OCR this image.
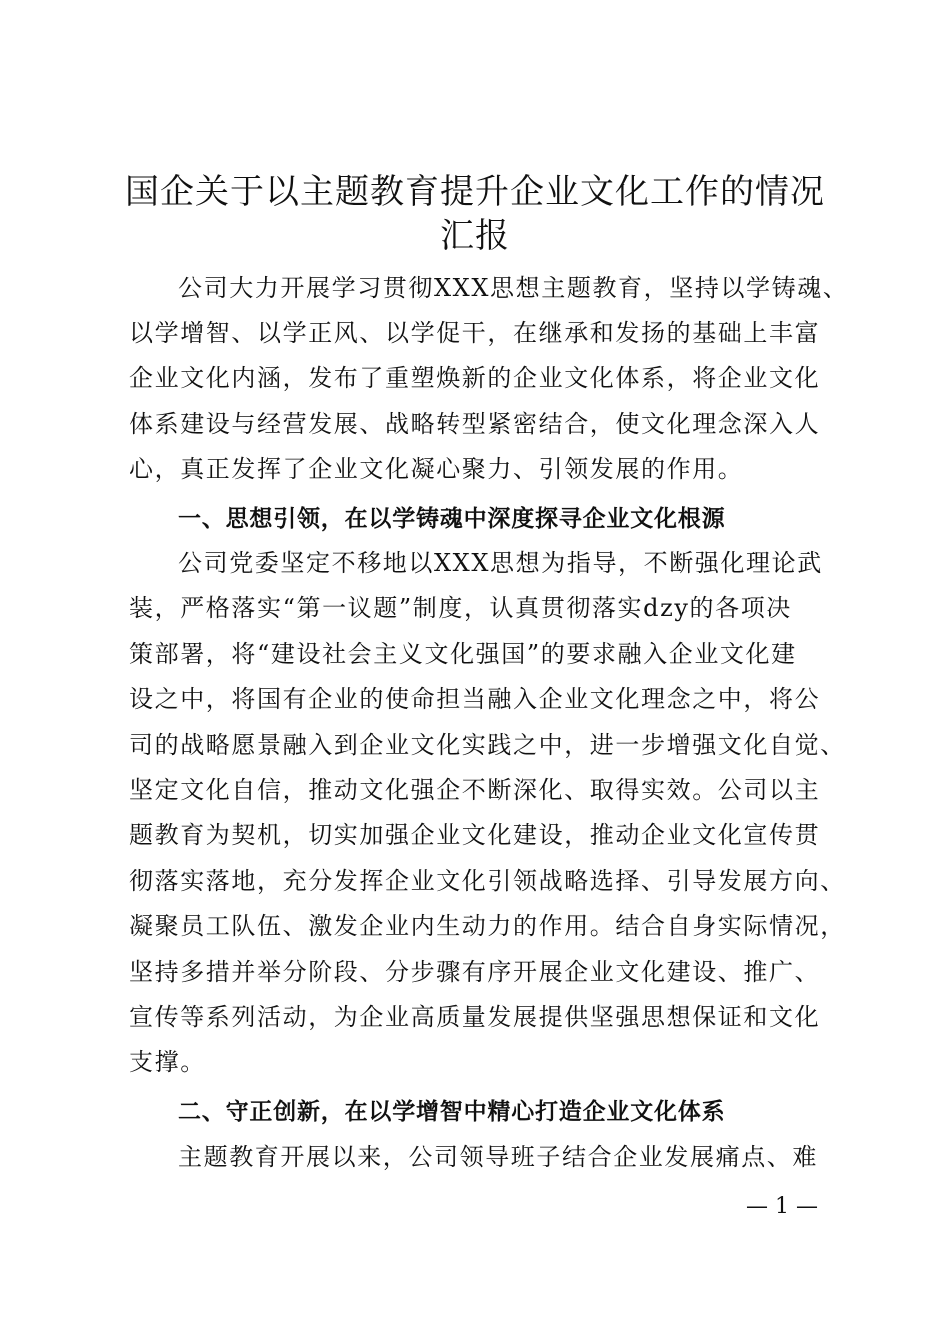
国企关于以主题教育提升企业文化工作的情况
汇报

公司大力开展学习贯彻XXX思想主题教育，坚持以学铸魂、

以学增智、以学正风、以学促干，在继承和发扬的基础上丰富

企业文化内涵，发布了重塑焕新的企业文化体系，将企业文化

体系建设与经营发展、战略转型紧密结合，使文化理念深入人

心，真正发挥了企业文化凝心聚力、引领发展的作用。

一、思想引领，在以学铸魂中深度探寻企业文化根源

公司党委坚定不移地以XXX思想为指导，不断强化理论武

装，严格落实“第一议题”制度，认真贯彻落实dzy的各项决

策部署，将“建设社会主义文化强国”的要求融入企业文化建

设之中，将国有企业的使命担当融入企业文化理念之中，将公

司的战略愿景融入到企业文化实践之中，进一步增强文化自觉、

坚定文化自信，推动文化强企不断深化、取得实效。公司以主

题教育为契机，切实加强企业文化建设，推动企业文化宣传贯

彻落实落地，充分发挥企业文化引领战略选择、引导发展方向、

凝聚员工队伍、激发企业内生动力的作用。结合自身实际情况，

坚持多措并举分阶段、分步骤有序开展企业文化建设、推广、

宣传等系列活动，为企业高质量发展提供坚强思想保证和文化

支撑。

二、守正创新，在以学增智中精心打造企业文化体系

主题教育开展以来，公司领导班子结合企业发展痛点、难

— 1 —
